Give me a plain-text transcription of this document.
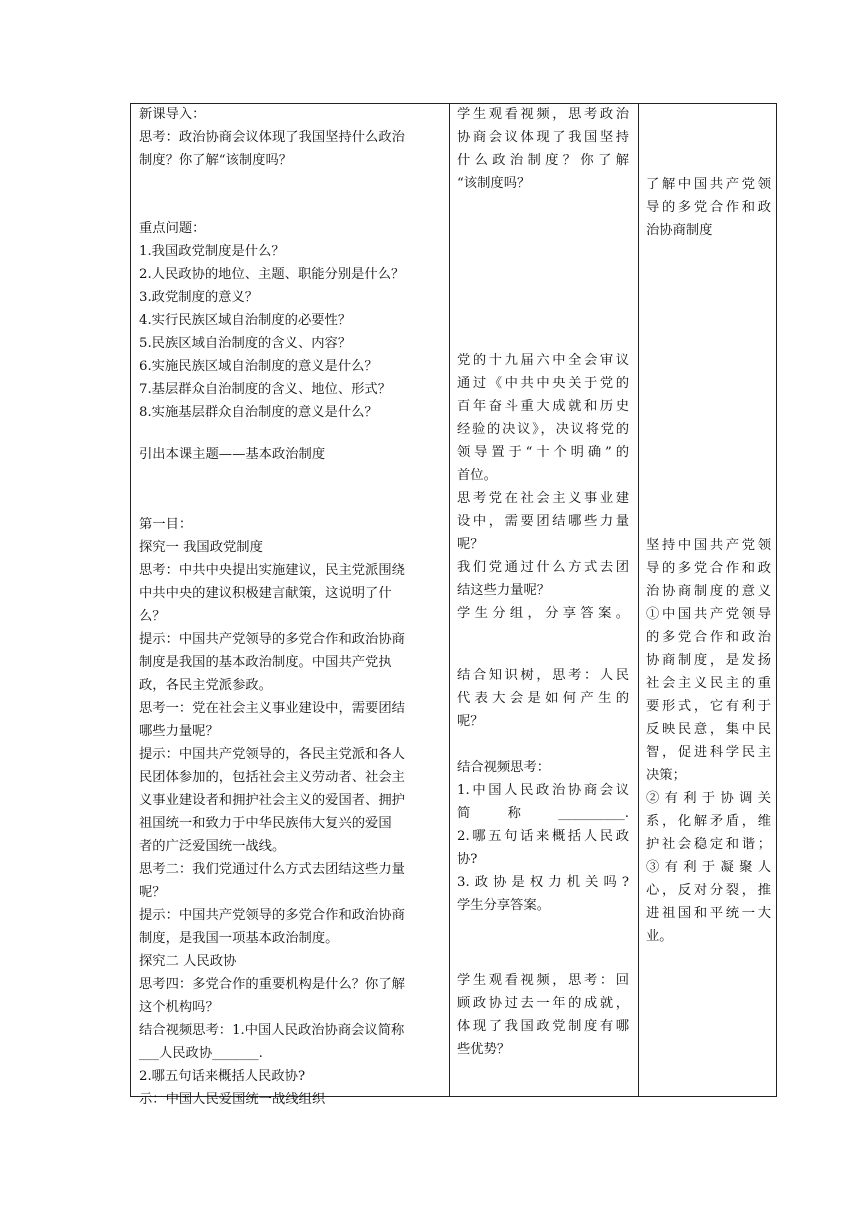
新课导入：
思考：政治协商会议体现了我国坚持什么政治
制度？你了解“该制度吗？
重点问题：
1.我国政党制度是什么？
2.人民政协的地位、主题、职能分别是什么？
3.政党制度的意义？
4.实行民族区域自治制度的必要性？
5.民族区域自治制度的含义、内容？
6.实施民族区域自治制度的意义是什么？
7.基层群众自治制度的含义、地位、形式？
8.实施基层群众自治制度的意义是什么？
引出本课主题——基本政治制度
第一目：
探究一 我国政党制度
思考：中共中央提出实施建议，民主党派围绕
中共中央的建议积极建言献策，这说明了什
么？
提示：中国共产党领导的多党合作和政治协商
制度是我国的基本政治制度。中国共产党执
政，各民主党派参政。
思考一：党在社会主义事业建设中，需要团结
哪些力量呢？
提示：中国共产党领导的，各民主党派和各人
民团体参加的，包括社会主义劳动者、社会主
义事业建设者和拥护社会主义的爱国者、拥护
祖国统一和致力于中华民族伟大复兴的爱国
者的广泛爱国统一战线。
思考二：我们党通过什么方式去团结这些力量
呢？
提示：中国共产党领导的多党合作和政治协商
制度，是我国一项基本政治制度。
探究二 人民政协
思考四：多党合作的重要机构是什么？你了解
这个机构吗？
结合视频思考：1.中国人民政治协商会议简称
___人民政协_______.
2.哪五句话来概括人民政协?
示：中国人民爱国统一战线组织
学生观看视频，思考政治
协商会议体现了我国坚持
什么政治制度？你了解
“该制度吗？
党的十九届六中全会审议
通过《中共中央关于党的
百年奋斗重大成就和历史
经验的决议》，决议将党的
领导置于“十个明确”的
首位。
思考党在社会主义事业建
设中，需要团结哪些力量
呢？
我们党通过什么方式去团
结这些力量呢？
学生分组，分享答案。
结合知识树，思考：人民
代表大会是如何产生的
呢？
结合视频思考：
1.中国人民政治协商会议
简称__________.
2.哪五句话来概括人民政
协?
3.政协是权力机关吗?
学生分享答案。
学生观看视频，思考：回
顾政协过去一年的成就，
体现了我国政党制度有哪
些优势？
了解中国共产党领
导的多党合作和政
治协商制度
坚持中国共产党领
导的多党合作和政
治协商制度的意义
①中国共产党领导
的多党合作和政治
协商制度，是发扬
社会主义民主的重
要形式，它有利于
反映民意，集中民
智，促进科学民主
决策；
②有利于协调关
系，化解矛盾，维
护社会稳定和谐；
③有利于凝聚人
心，反对分裂，推
进祖国和平统一大
业。
